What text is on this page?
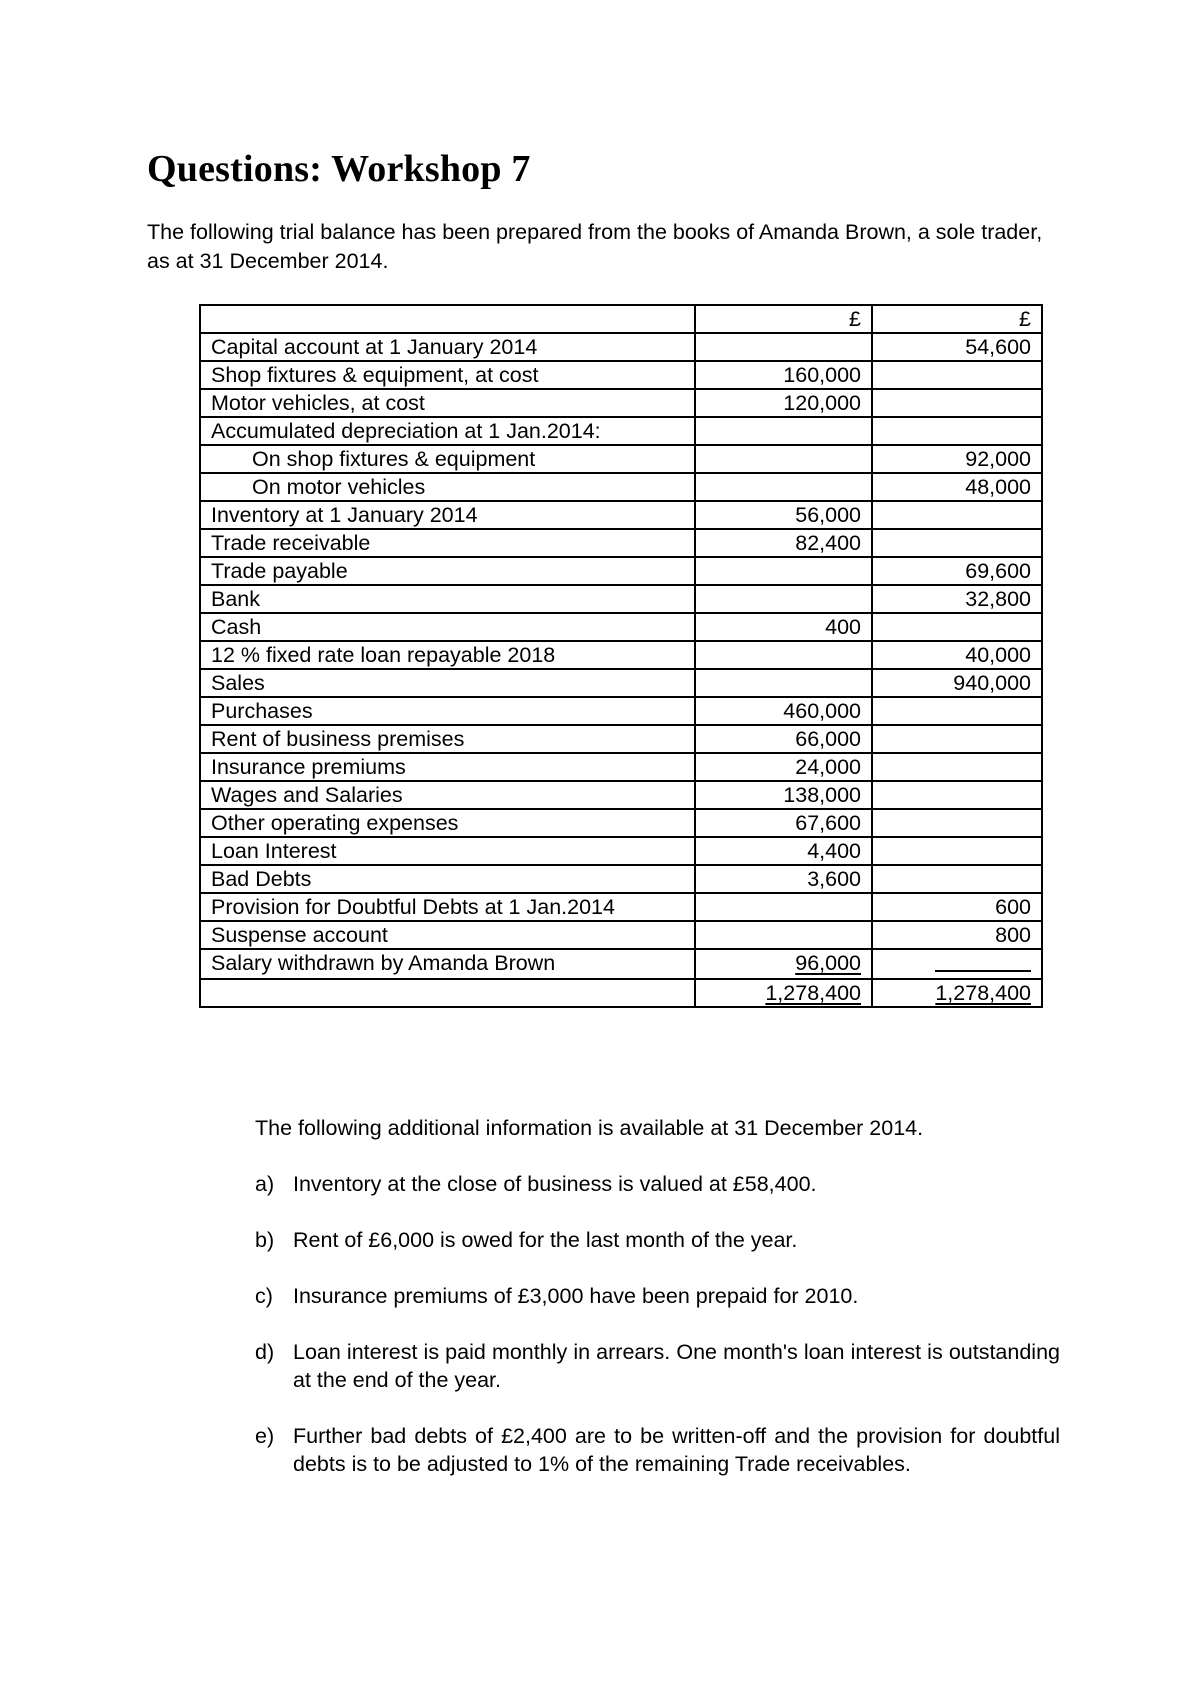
Questions: Workshop 7

The following trial balance has been prepared from the books of Amanda Brown, a sole trader, as at 31 December 2014.

	£	£
Capital account at 1 January 2014		54,600
Shop fixtures & equipment, at cost	160,000	
Motor vehicles, at cost	120,000	
Accumulated depreciation at 1 Jan.2014:		
On shop fixtures & equipment		92,000
On motor vehicles		48,000
Inventory at 1 January 2014	56,000	
Trade receivable	82,400	
Trade payable		69,600
Bank		32,800
Cash	400	
12 % fixed rate loan repayable 2018		40,000
Sales		940,000
Purchases	460,000	
Rent of business premises	66,000	
Insurance premiums	24,000	
Wages and Salaries	138,000	
Other operating expenses	67,600	
Loan Interest	4,400	
Bad Debts	3,600	
Provision for Doubtful Debts at 1 Jan.2014		600
Suspense account		800
Salary withdrawn by Amanda Brown	96,000	
	1,278,400	1,278,400

The following additional information is available at 31 December 2014.

a) Inventory at the close of business is valued at £58,400.
b) Rent of £6,000 is owed for the last month of the year.
c) Insurance premiums of £3,000 have been prepaid for 2010.
d) Loan interest is paid monthly in arrears. One month's loan interest is outstanding at the end of the year.
e) Further bad debts of £2,400 are to be written-off and the provision for doubtful debts is to be adjusted to 1% of the remaining Trade receivables.
